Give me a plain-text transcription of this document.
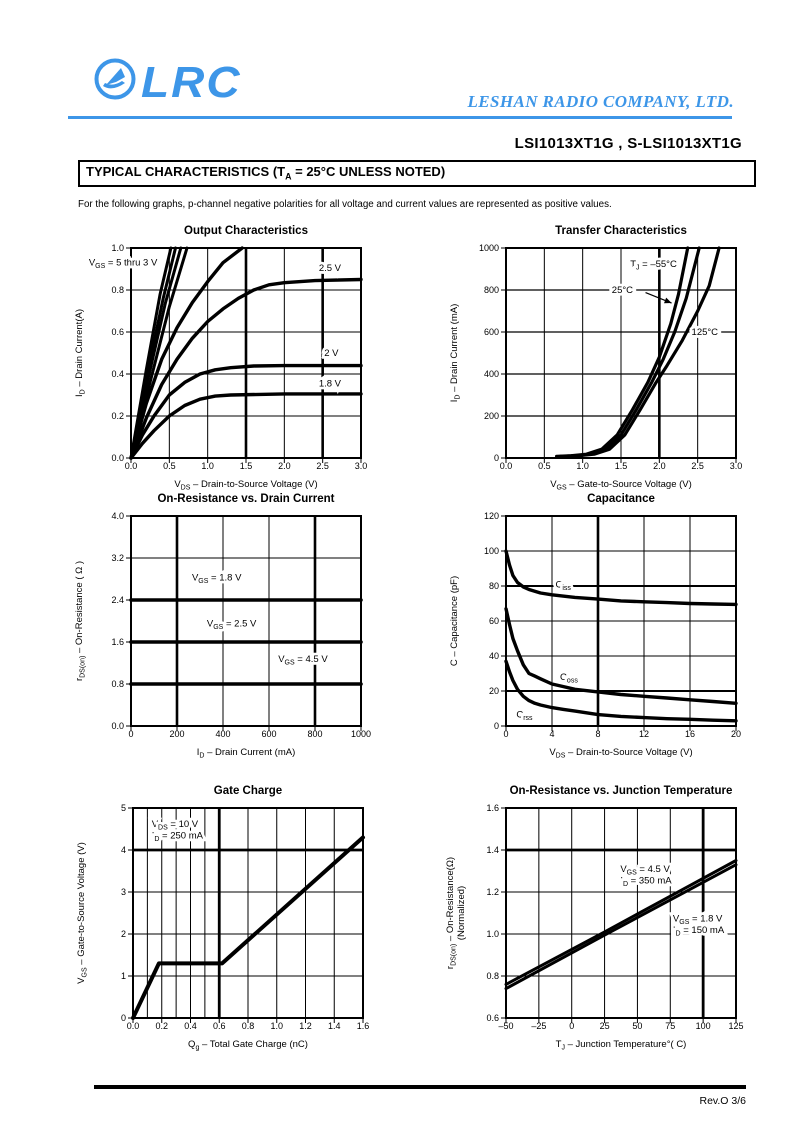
LRC	LESHAN RADIO COMPANY, LTD.
LSI1013XT1G , S-LSI1013XT1G
TYPICAL CHARACTERISTICS ($T_A = 25^\circ C$ UNLESS NOTED)
For the following graphs, p-channel negative polarities for all voltage and current values are represented as positive values.
Output Characteristics
0.0	0.5	1.0	1.5	2.0	2.5	3.0
0.0
0.2
0.4
0.6
0.8
1.0
$V_{GS} = 5$ thru 3 V	2.5 V
2 V
1.8 V
$V_{DS}$ – Drain-to-Source Voltage (V)
$I_D$ – Drain Current(A)
Transfer Characteristics
0.0	0.5	1.0	1.5	2.0	2.5	3.0
0
200
400
600
800
1000
$T_J = -55^\circ C$
25°C
125°C
$V_{GS}$ – Gate-to-Source Voltage (V)
$I_D$ – Drain Current (mA)
On-Resistance vs. Drain Current
0	200	400	600	800	1000
0.0
0.8
1.6
2.4
3.2
4.0
$V_{GS} = 1.8$ V
$V_{GS} = 2.5$ V
$V_{GS} = 4.5$ V
$I_D$ – Drain Current (mA)
$r_{DS(on)}$ – On-Resistance ( Ω )
Capacitance
0	4	8	12	16	20
0
20
40
60
80
100
120
$C_{iss}$
$C_{oss}$
$C_{rss}$
$V_{DS}$ – Drain-to-Source Voltage (V)
C – Capacitance (pF)
Gate Charge
0.0 0.2 0.4 0.6 0.8 1.0 1.2 1.4 1.6
0
1
2
3
4
5
$V_{DS} = 10$ V
$I_D = 250$ mA
$Q_g$ – Total Gate Charge (nC)
$V_{GS}$ – Gate-to-Source Voltage (V)
On-Resistance vs. Junction Temperature
–50 –25	0	25	50	75 100 125
0.6
0.8
1.0
1.2
1.4
1.6
$V_{GS} = 4.5$ V
$I_D = 350$ mA
$V_{GS} = 1.8$ V
$I_D = 150$ mA
$T_J$ – Junction Temperature°( C)
$r_{DS(on)}$ – On-Resistance(Ω) (Normalized)
Rev.O 3/6
